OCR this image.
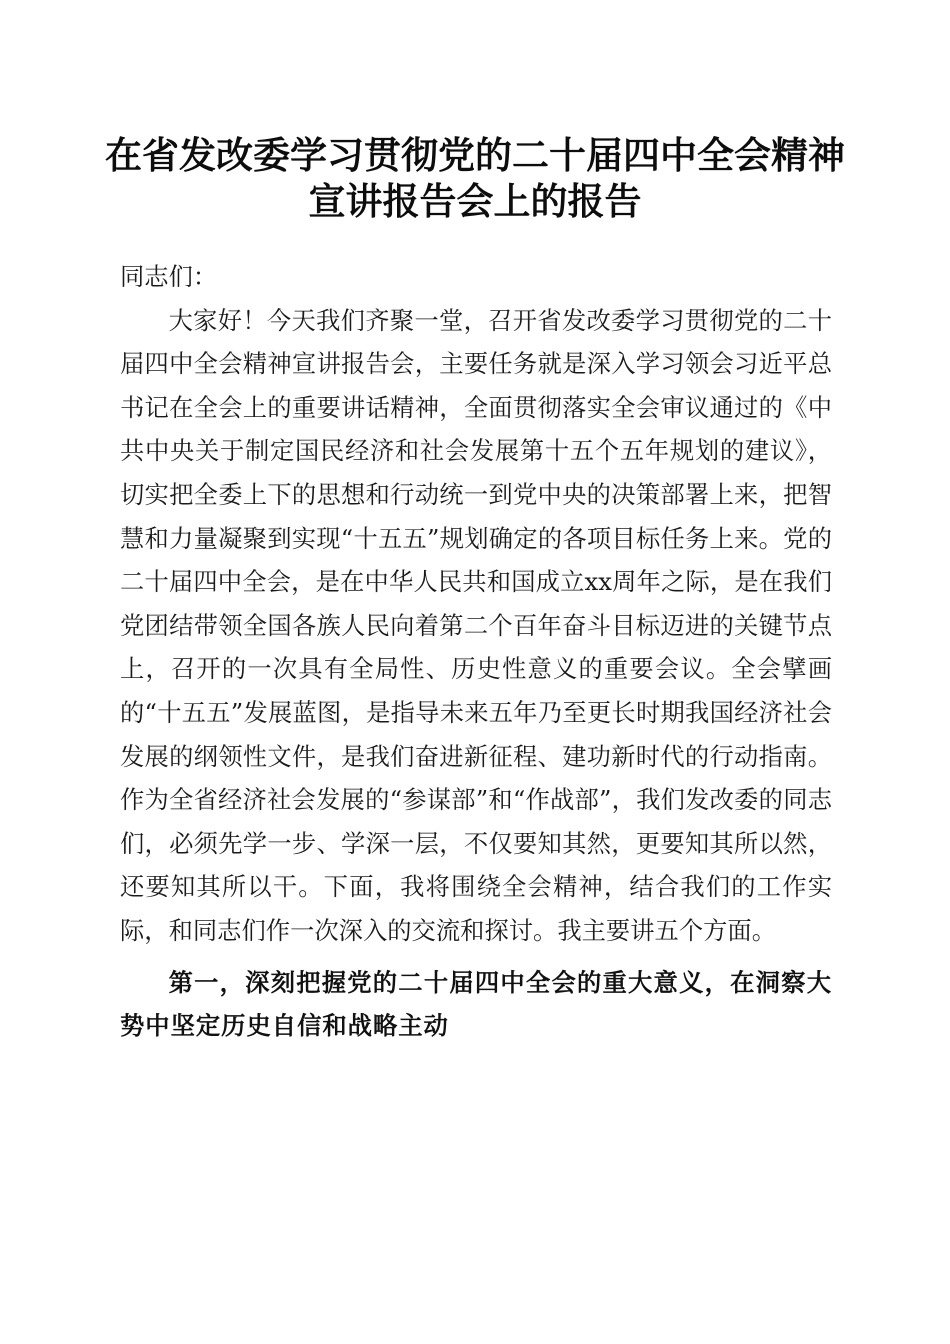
在省发改委学习贯彻党的二十届四中全会精神
宣讲报告会上的报告

同志们：

大家好！今天我们齐聚一堂，召开省发改委学习贯彻党的二十届四中全会精神宣讲报告会，主要任务就是深入学习领会习近平总书记在全会上的重要讲话精神，全面贯彻落实全会审议通过的《中共中央关于制定国民经济和社会发展第十五个五年规划的建议》，切实把全委上下的思想和行动统一到党中央的决策部署上来，把智慧和力量凝聚到实现“十五五”规划确定的各项目标任务上来。党的二十届四中全会，是在中华人民共和国成立xx周年之际，是在我们党团结带领全国各族人民向着第二个百年奋斗目标迈进的关键节点上，召开的一次具有全局性、历史性意义的重要会议。全会擘画的“十五五”发展蓝图，是指导未来五年乃至更长时期我国经济社会发展的纲领性文件，是我们奋进新征程、建功新时代的行动指南。作为全省经济社会发展的“参谋部”和“作战部”，我们发改委的同志们，必须先学一步、学深一层，不仅要知其然，更要知其所以然，还要知其所以干。下面，我将围绕全会精神，结合我们的工作实际，和同志们作一次深入的交流和探讨。我主要讲五个方面。

第一，深刻把握党的二十届四中全会的重大意义，在洞察大势中坚定历史自信和战略主动
